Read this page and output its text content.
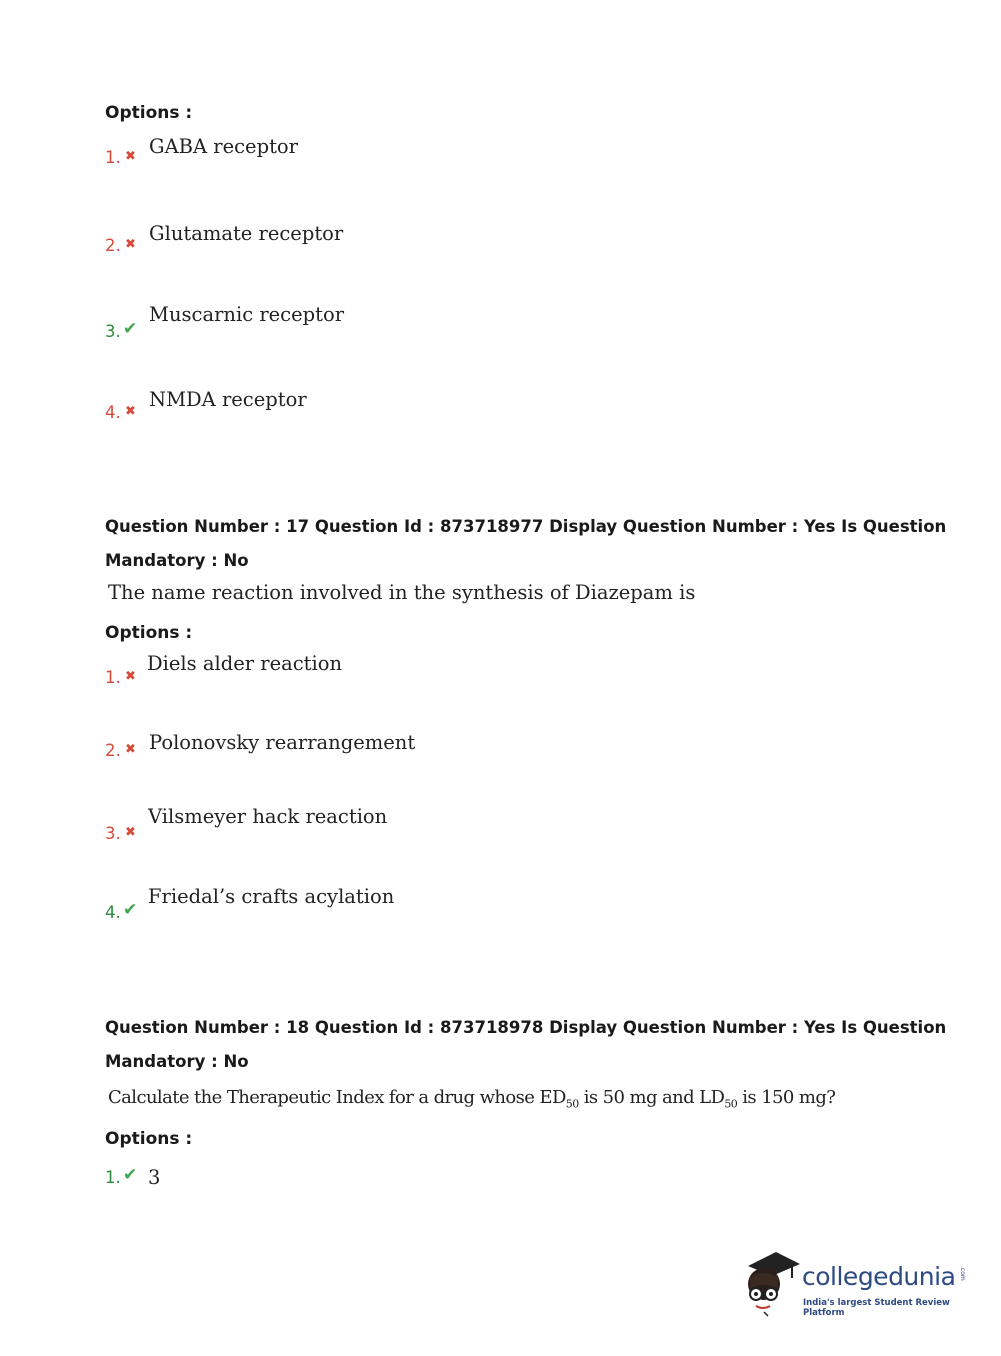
Options :
1. ✖ GABA receptor
2. ✖ Glutamate receptor
3. ✔
Muscarnic receptor
4. ✖
NMDA receptor
Question Number : 17 Question Id : 873718977 Display Question Number : Yes Is Question
Mandatory : No
The name reaction involved in the synthesis of Diazepam is
Options :
1. ✖
Diels alder reaction
2. ✖ Polonovsky rearrangement
3. ✖
Vilsmeyer hack reaction
4. ✔
Friedal’s crafts acylation
Question Number : 18 Question Id : 873718978 Display Question Number : Yes Is Question
Mandatory : No
Calculate the Therapeutic Index for a drug whose $ED_{50}$ is 50 mg and $LD_{50}$ is 150 mg?
Options :
1. ✔ 3
collegedunia .com
India's largest Student Review Platform
